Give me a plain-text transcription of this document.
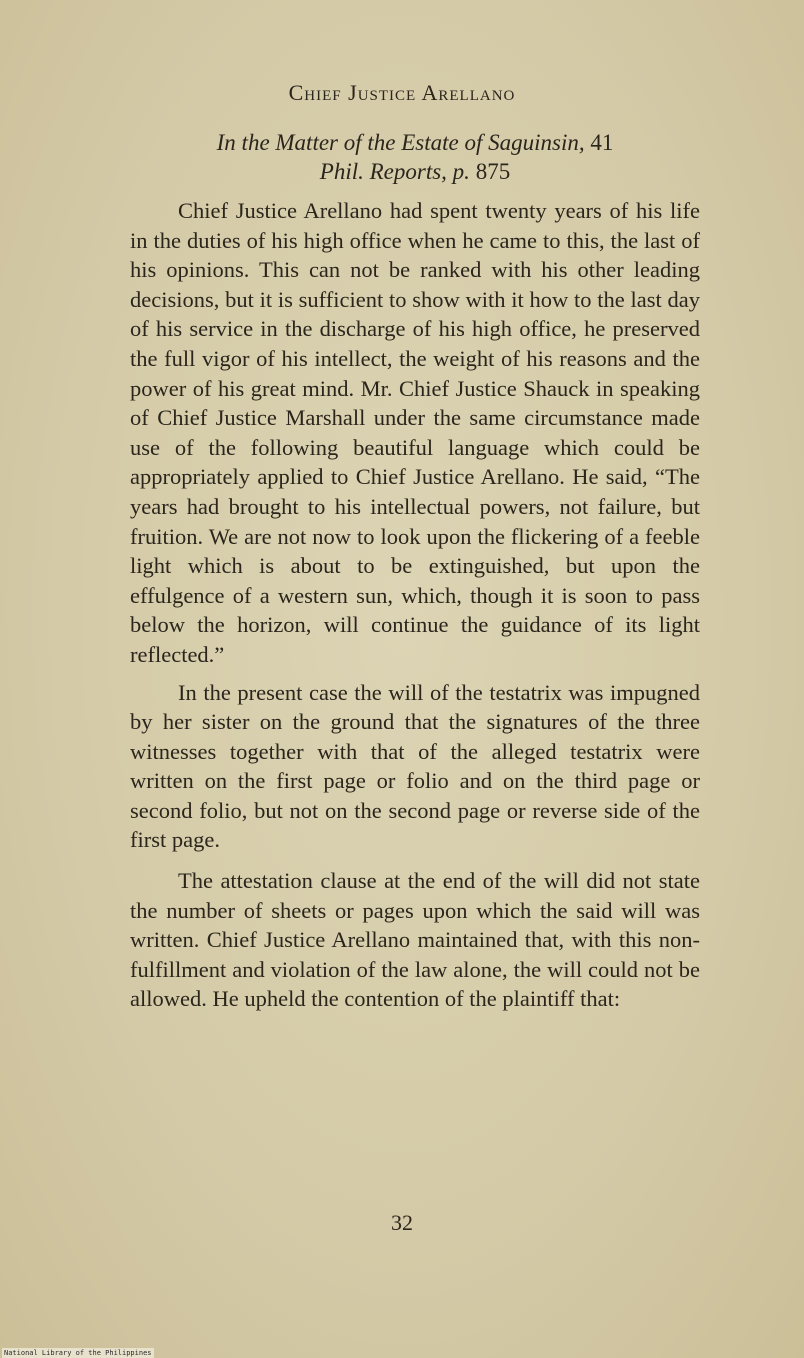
Chief Justice Arellano
In the Matter of the Estate of Saguinsin, 41
Phil. Reports, p. 875

Chief Justice Arellano had spent twenty years of his life in the duties of his high office when he came to this, the last of his opinions. This can not be ranked with his other leading decisions, but it is sufficient to show with it how to the last day of his service in the discharge of his high office, he preserved the full vigor of his intellect, the weight of his reasons and the power of his great mind. Mr. Chief Justice Shauck in speaking of Chief Justice Marshall under the same circumstance made use of the following beautiful language which could be appropriately applied to Chief Justice Arellano. He said, “The years had brought to his intellectual powers, not failure, but fruition. We are not now to look upon the flickering of a feeble light which is about to be extinguished, but upon the effulgence of a western sun, which, though it is soon to pass below the horizon, will continue the guidance of its light reflected.”

In the present case the will of the testatrix was impugned by her sister on the ground that the signatures of the three witnesses together with that of the alleged testatrix were written on the first page or folio and on the third page or second folio, but not on the second page or reverse side of the first page.

The attestation clause at the end of the will did not state the number of sheets or pages upon which the said will was written. Chief Justice Arellano maintained that, with this non-fulfillment and violation of the law alone, the will could not be allowed. He upheld the contention of the plaintiff that:

32
National Library of the Philippines
